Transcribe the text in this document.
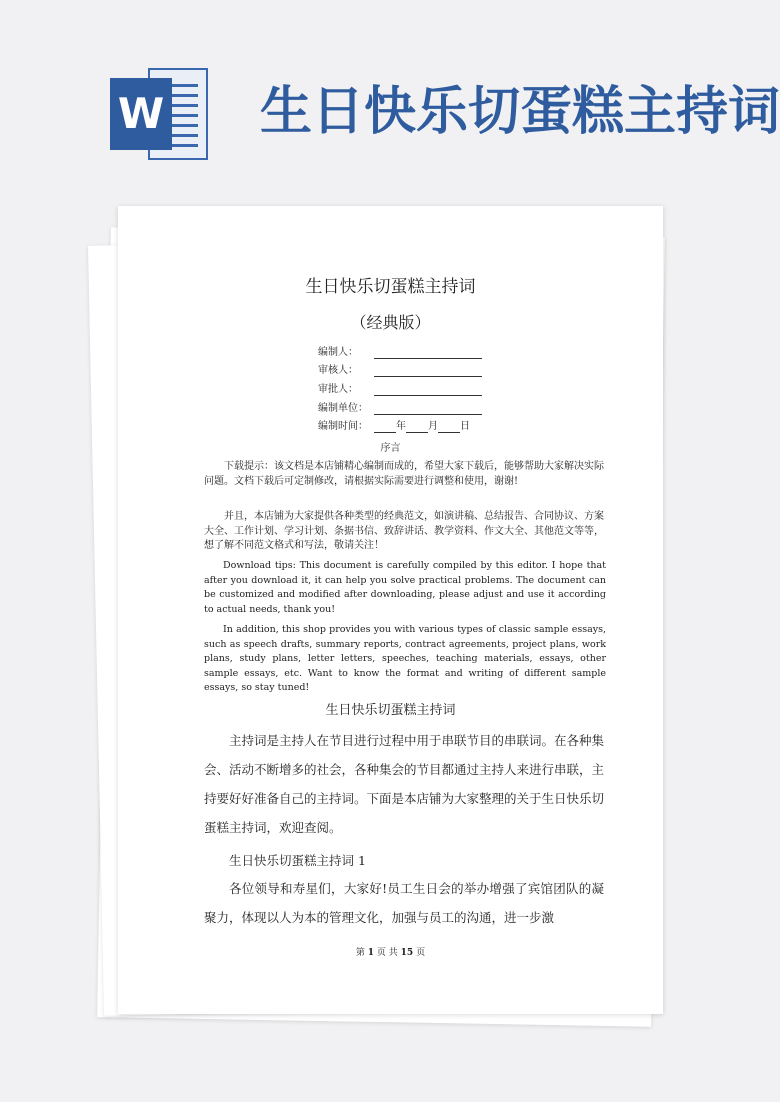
W 生日快乐切蛋糕主持词

生日快乐切蛋糕主持词

（经典版）

编制人：
审核人：
审批人：
编制单位：
编制时间：	年 月 日

序言

下载提示：该文档是本店铺精心编制而成的，希望大家下载后，能够帮助大家解决实际问题。文档下载后可定制修改，请根据实际需要进行调整和使用，谢谢!

并且，本店铺为大家提供各种类型的经典范文，如演讲稿、总结报告、合同协议、方案大全、工作计划、学习计划、条据书信、致辞讲话、教学资料、作文大全、其他范文等等，想了解不同范文格式和写法，敬请关注！

Download tips: This document is carefully compiled by this editor. I hope that after you download it, it can help you solve practical problems. The document can be customized and modified after downloading, please adjust and use it according to actual needs, thank you!

In addition, this shop provides you with various types of classic sample essays, such as speech drafts, summary reports, contract agreements, project plans, work plans, study plans, letter letters, speeches, teaching materials, essays, other sample essays, etc. Want to know the format and writing of different sample essays, so stay tuned!

生日快乐切蛋糕主持词

主持词是主持人在节目进行过程中用于串联节目的串联词。在各种集会、活动不断增多的社会，各种集会的节目都通过主持人来进行串联，主持要好好准备自己的主持词。下面是本店铺为大家整理的关于生日快乐切蛋糕主持词，欢迎查阅。

生日快乐切蛋糕主持词 1

各位领导和寿星们，大家好!员工生日会的举办增强了宾馆团队的凝聚力，体现以人为本的管理文化，加强与员工的沟通，进一步激

第 1 页 共 15 页
